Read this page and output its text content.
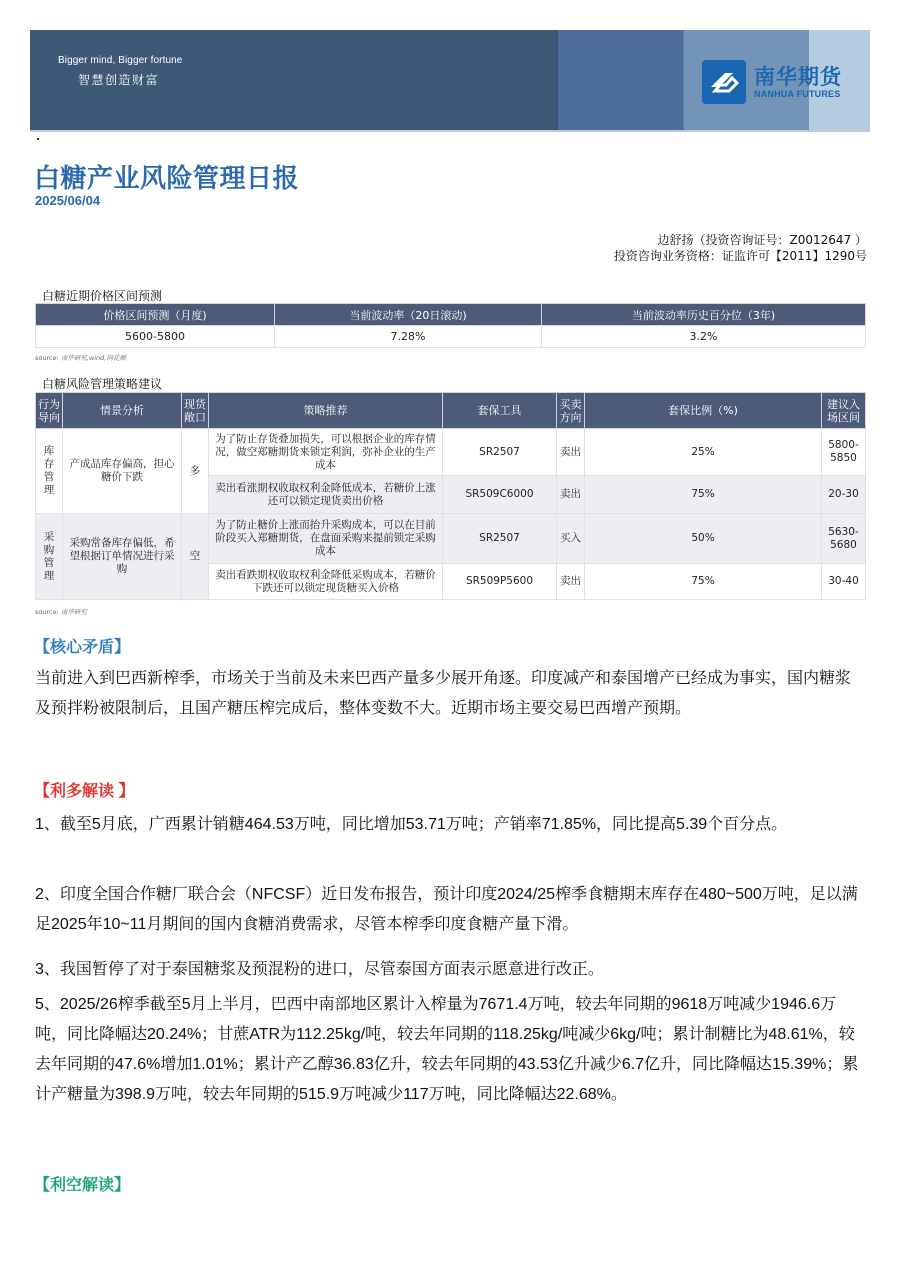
Bigger mind, Bigger fortune
智慧创造财富	南华期货
NANHUA FUTURES
白糖产业风险管理日报
2025/06/04
边舒扬（投资咨询证号：Z0012647 ）
投资咨询业务资格：证监许可【2011】1290号
白糖近期价格区间预测
价格区间预测（月度)	当前波动率（20日滚动)	当前波动率历史百分位（3年)
5600-5800	7.28%	3.2%
source: 南华研究,wind,同花顺
白糖风险管理策略建议
行为导向	情景分析	现货敞口	策略推荐	套保工具	买卖方向	套保比例（%)	建议入场区间
库存管理	产成品库存偏高，担心糖价下跌	多	为了防止存货叠加损失，可以根据企业的库存情况，做空郑糖期货来锁定利润，弥补企业的生产成本	SR2507	卖出	25%	5800-5850
			卖出看涨期权收取权利金降低成本，若糖价上涨还可以锁定现货卖出价格	SR509C6000	卖出	75%	20-30
采购管理	采购常备库存偏低，希望根据订单情况进行采购	空	为了防止糖价上涨而抬升采购成本，可以在目前阶段买入郑糖期货，在盘面采购来提前锁定采购成本	SR2507	买入	50%	5630-5680
			卖出看跌期权收取权利金降低采购成本，若糖价下跌还可以锁定现货糖买入价格	SR509P5600	卖出	75%	30-40
source: 南华研究
【核心矛盾】
当前进入到巴西新榨季，市场关于当前及未来巴西产量多少展开角逐。印度减产和泰国增产已经成为事实，国内糖浆及预拌粉被限制后，且国产糖压榨完成后，整体变数不大。近期市场主要交易巴西增产预期。
【利多解读 】
1、截至5月底，广西累计销糖464.53万吨，同比增加53.71万吨；产销率71.85%，同比提高5.39个百分点。
2、印度全国合作糖厂联合会（NFCSF）近日发布报告，预计印度2024/25榨季食糖期末库存在480~500万吨，足以满足2025年10~11月期间的国内食糖消费需求，尽管本榨季印度食糖产量下滑。
3、我国暂停了对于泰国糖浆及预混粉的进口，尽管泰国方面表示愿意进行改正。
5、2025/26榨季截至5月上半月，巴西中南部地区累计入榨量为7671.4万吨，较去年同期的9618万吨减少1946.6万吨，同比降幅达20.24%；甘蔗ATR为112.25kg/吨，较去年同期的118.25kg/吨减少6kg/吨；累计制糖比为48.61%，较去年同期的47.6%增加1.01%；累计产乙醇36.83亿升，较去年同期的43.53亿升减少6.7亿升，同比降幅达15.39%；累计产糖量为398.9万吨，较去年同期的515.9万吨减少117万吨，同比降幅达22.68%。
【利空解读】
